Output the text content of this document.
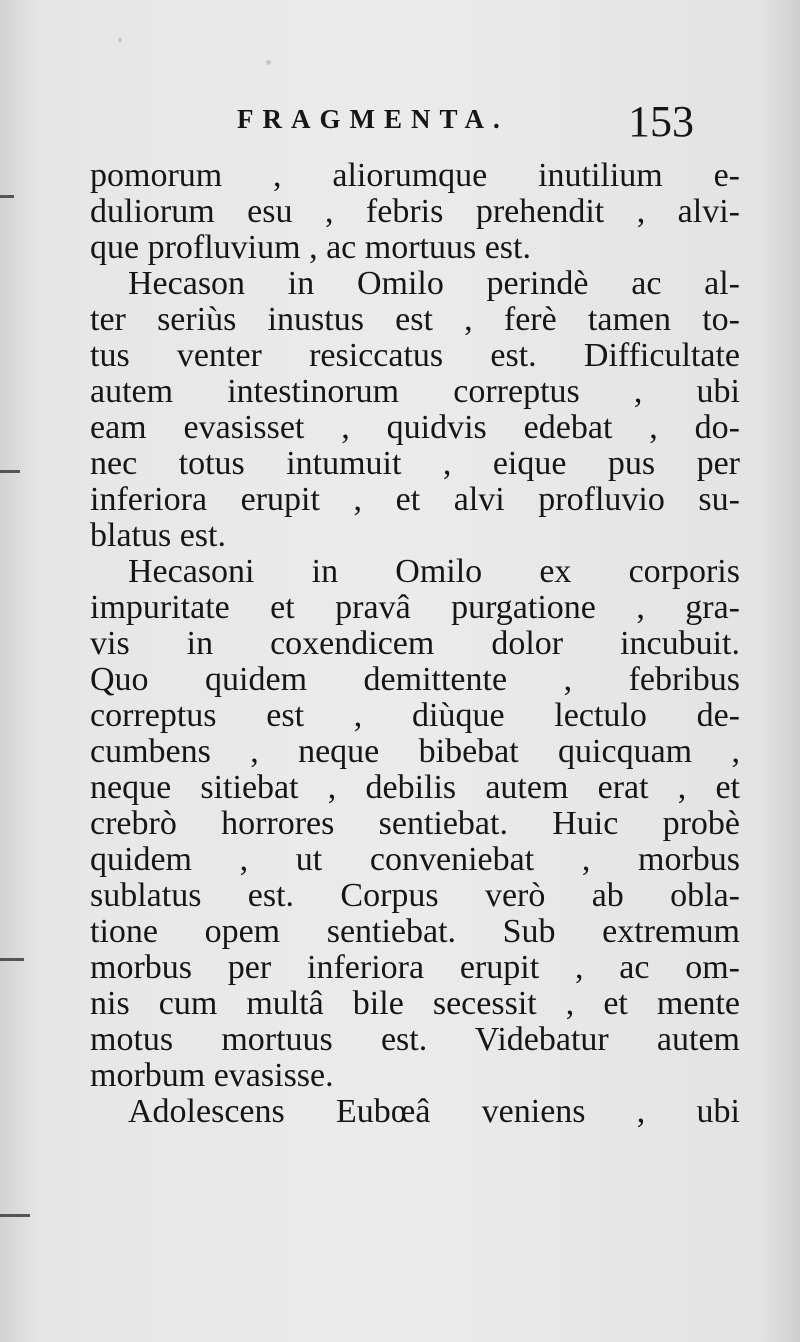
FRAGMENTA.	153
pomorum , aliorumque inutilium e-
duliorum esu , febris prehendit , alvi-
que profluvium , ac mortuus est.
Hecason in Omilo perindè ac al-
ter seriùs inustus est , ferè tamen to-
tus venter resiccatus est. Difficultate
autem intestinorum correptus , ubi
eam evasisset , quidvis edebat , do-
nec totus intumuit , eique pus per
inferiora erupit , et alvi profluvio su-
blatus est.
Hecasoni in Omilo ex corporis
impuritate et pravâ purgatione , gra-
vis in coxendicem dolor incubuit.
Quo quidem demittente , febribus
correptus est , diùque lectulo de-
cumbens , neque bibebat quicquam ,
neque sitiebat , debilis autem erat , et
crebrò horrores sentiebat. Huic probè
quidem , ut conveniebat , morbus
sublatus est. Corpus verò ab obla-
tione opem sentiebat. Sub extremum
morbus per inferiora erupit , ac om-
nis cum multâ bile secessit , et mente
motus mortuus est. Videbatur autem
morbum evasisse.
Adolescens Eubœâ veniens , ubi
